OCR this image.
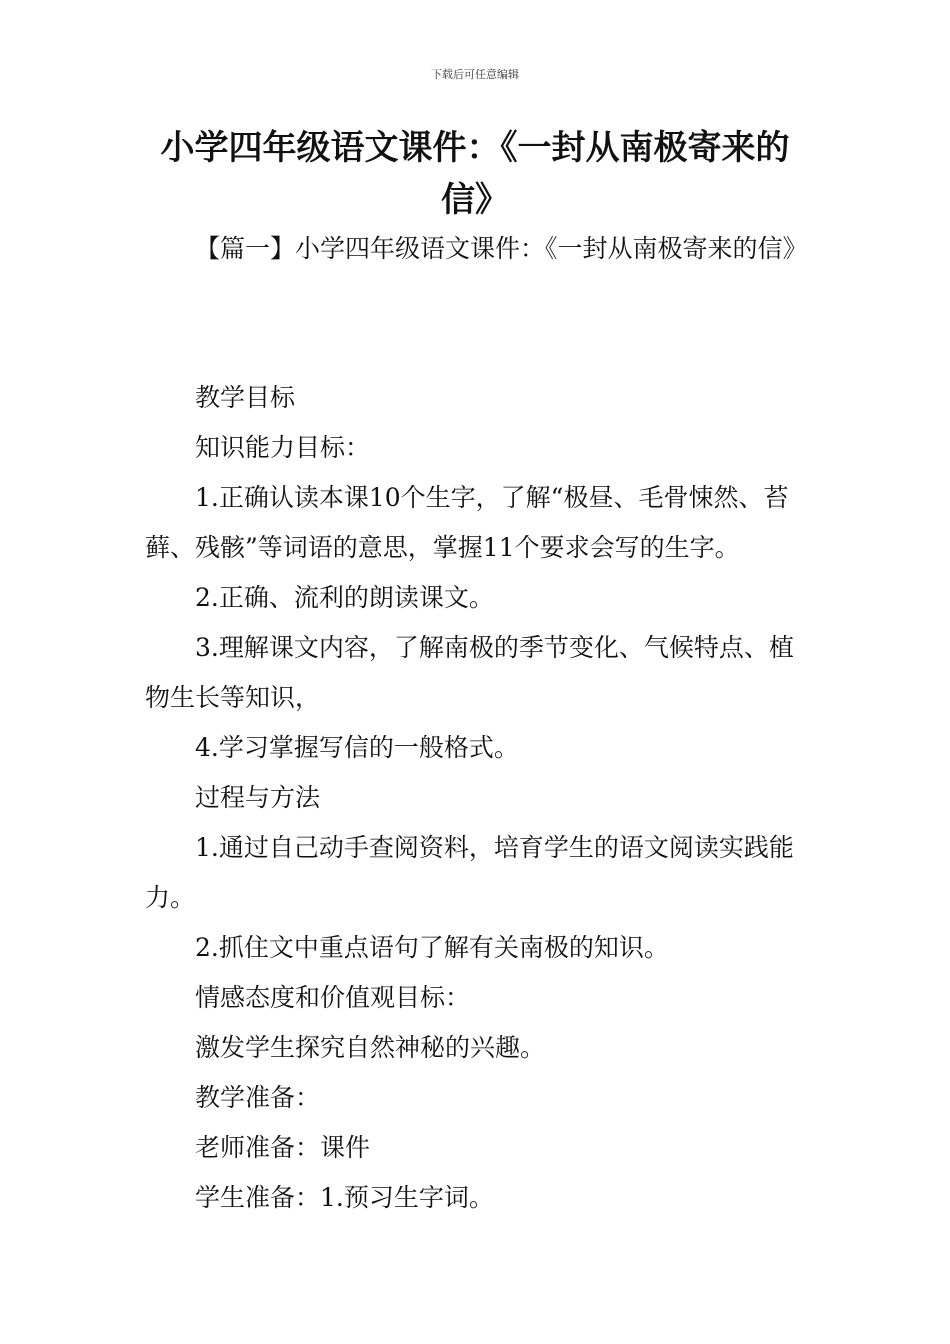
下载后可任意编辑
小学四年级语文课件：《一封从南极寄来的信》

【篇一】小学四年级语文课件：《一封从南极寄来的信》

教学目标

知识能力目标：

1.正确认读本课10个生字，了解“极昼、毛骨悚然、苔藓、残骸”等词语的意思，掌握11个要求会写的生字。

2.正确、流利的朗读课文。

3.理解课文内容，了解南极的季节变化、气候特点、植物生长等知识，

4.学习掌握写信的一般格式。

过程与方法

1.通过自己动手查阅资料，培育学生的语文阅读实践能力。

2.抓住文中重点语句了解有关南极的知识。

情感态度和价值观目标：

激发学生探究自然神秘的兴趣。

教学准备：

老师准备：课件

学生准备：1.预习生字词。
